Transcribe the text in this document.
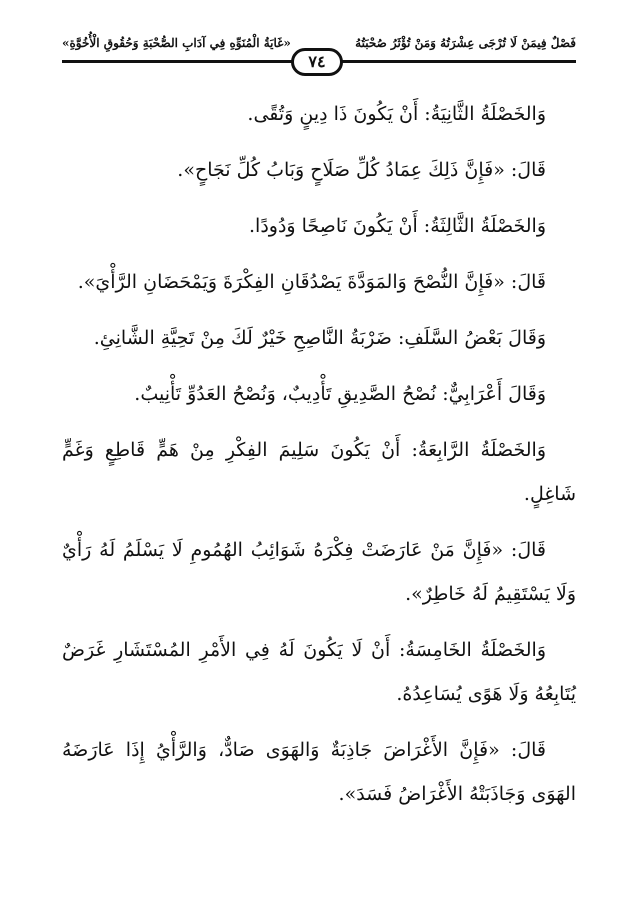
فَصْلٌ فِيمَنْ لَا تُرْجَى عِشْرَتُهُ وَمَنْ تُؤْثَرُ صُحْبَتُهُ
«غَايَةُ الْمُنَوِّهِ فِي آدَابِ الصُّحْبَةِ وَحُقُوقِ الْأُخُوَّةِ»
٧٤

وَالخَصْلَةُ الثَّانِيَةُ: أَنْ يَكُونَ ذَا دِينٍ وَتُقًى.

قَالَ: «فَإِنَّ ذَلِكَ عِمَادُ كُلِّ صَلَاحٍ وَبَابُ كُلِّ نَجَاحٍ».

وَالخَصْلَةُ الثَّالِثَةُ: أَنْ يَكُونَ نَاصِحًا وَدُودًا.

قَالَ: «فَإِنَّ النُّصْحَ وَالمَوَدَّةَ يَصْدُقَانِ الفِكْرَةَ وَيَمْحَضَانِ الرَّأْيَ».

وَقَالَ بَعْضُ السَّلَفِ: ضَرْبَةُ النَّاصِحِ خَيْرٌ لَكَ مِنْ تَحِيَّةِ الشَّانِئِ.

وَقَالَ أَعْرَابِيٌّ: نُصْحُ الصَّدِيقِ تَأْدِيبٌ، وَنُصْحُ العَدُوِّ تَأْنِيبٌ.

وَالخَصْلَةُ الرَّابِعَةُ: أَنْ يَكُونَ سَلِيمَ الفِكْرِ مِنْ هَمٍّ قَاطِعٍ وَغَمٍّ شَاغِلٍ.

قَالَ: «فَإِنَّ مَنْ عَارَضَتْ فِكْرَهُ شَوَائِبُ الهُمُومِ لَا يَسْلَمُ لَهُ رَأْيٌ وَلَا يَسْتَقِيمُ لَهُ خَاطِرٌ».

وَالخَصْلَةُ الخَامِسَةُ: أَنْ لَا يَكُونَ لَهُ فِي الأَمْرِ المُسْتَشَارِ غَرَضٌ يُتَابِعُهُ وَلَا هَوًى يُسَاعِدُهُ.

قَالَ: «فَإِنَّ الأَغْرَاضَ جَاذِبَةٌ وَالهَوَى صَادٌّ، وَالرَّأْيُ إِذَا عَارَضَهُ الهَوَى وَجَاذَبَتْهُ الأَغْرَاضُ فَسَدَ».
